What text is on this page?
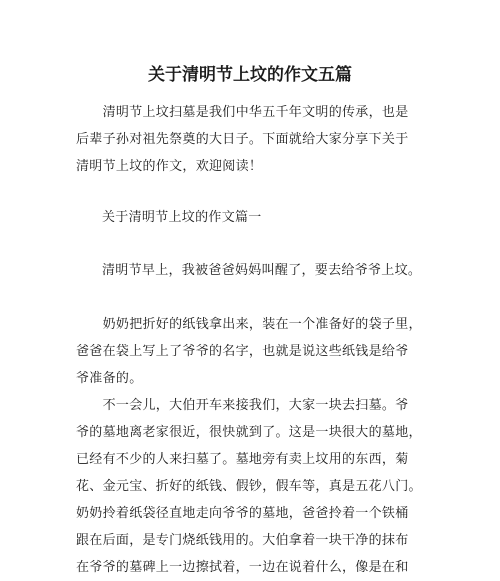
关于清明节上坟的作文五篇
　　清明节上坟扫墓是我们中华五千年文明的传承，也是
后辈子孙对祖先祭奠的大日子。下面就给大家分享下关于
清明节上坟的作文，欢迎阅读！
关于清明节上坟的作文篇一
清明节早上，我被爸爸妈妈叫醒了，要去给爷爷上坟。
　　奶奶把折好的纸钱拿出来，装在一个准备好的袋子里，
爸爸在袋上写上了爷爷的名字，也就是说这些纸钱是给爷
爷准备的。
　　不一会儿，大伯开车来接我们，大家一块去扫墓。爷
爷的墓地离老家很近，很快就到了。这是一块很大的墓地，
已经有不少的人来扫墓了。墓地旁有卖上坟用的东西，菊
花、金元宝、折好的纸钱、假钞，假车等，真是五花八门。
奶奶拎着纸袋径直地走向爷爷的墓地，爸爸拎着一个铁桶
跟在后面，是专门烧纸钱用的。大伯拿着一块干净的抹布
在爷爷的墓碑上一边擦拭着，一边在说着什么，像是在和
